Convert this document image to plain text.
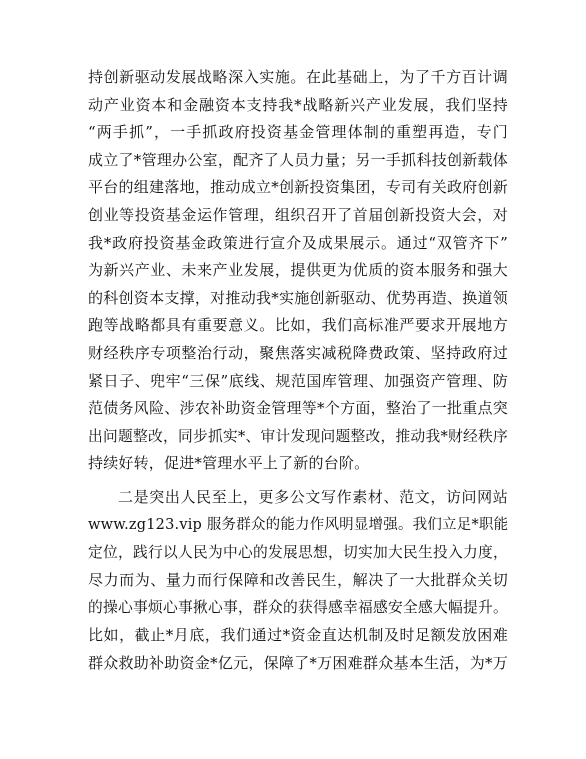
持创新驱动发展战略深入实施。在此基础上，为了千方百计调
动产业资本和金融资本支持我*战略新兴产业发展，我们坚持
“两手抓”，一手抓政府投资基金管理体制的重塑再造，专门
成立了*管理办公室，配齐了人员力量；另一手抓科技创新载体
平台的组建落地，推动成立*创新投资集团，专司有关政府创新
创业等投资基金运作管理，组织召开了首届创新投资大会，对
我*政府投资基金政策进行宣介及成果展示。通过“双管齐下”
为新兴产业、未来产业发展，提供更为优质的资本服务和强大
的科创资本支撑，对推动我*实施创新驱动、优势再造、换道领
跑等战略都具有重要意义。比如，我们高标准严要求开展地方
财经秩序专项整治行动，聚焦落实减税降费政策、坚持政府过
紧日子、兜牢“三保”底线、规范国库管理、加强资产管理、防
范债务风险、涉农补助资金管理等*个方面，整治了一批重点突
出问题整改，同步抓实*、审计发现问题整改，推动我*财经秩序
持续好转，促进*管理水平上了新的台阶。
二是突出人民至上，更多公文写作素材、范文，访问网站
www.zg123.vip 服务群众的能力作风明显增强。我们立足*职能
定位，践行以人民为中心的发展思想，切实加大民生投入力度，
尽力而为、量力而行保障和改善民生，解决了一大批群众关切
的操心事烦心事揪心事，群众的获得感幸福感安全感大幅提升。
比如，截止*月底，我们通过*资金直达机制及时足额发放困难
群众救助补助资金*亿元，保障了*万困难群众基本生活，为*万
